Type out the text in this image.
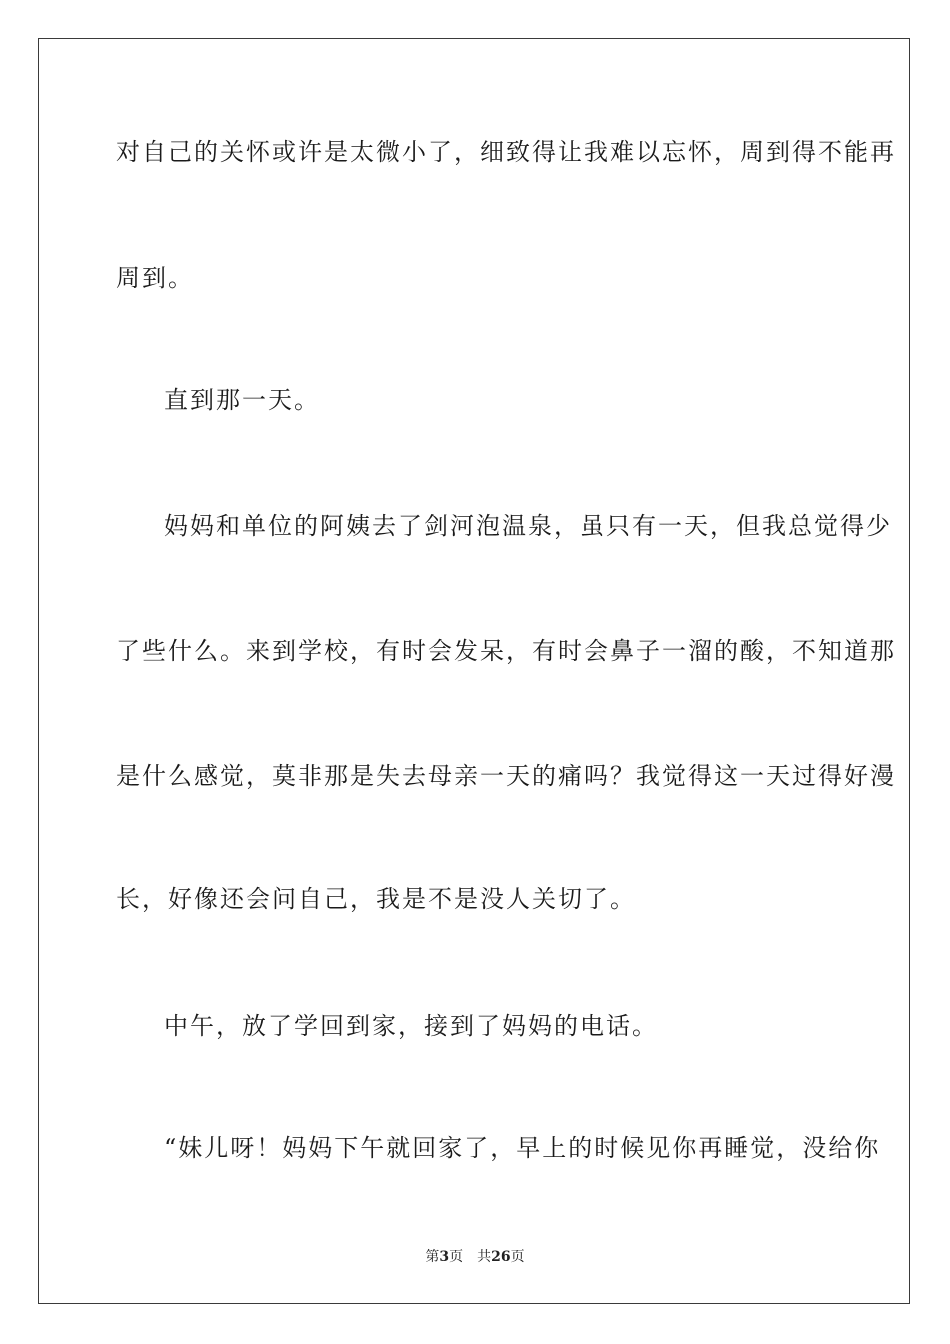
对自己的关怀或许是太微小了，细致得让我难以忘怀，周到得不能再
周到。
直到那一天。
妈妈和单位的阿姨去了剑河泡温泉，虽只有一天，但我总觉得少
了些什么。来到学校，有时会发呆，有时会鼻子一溜的酸，不知道那
是什么感觉，莫非那是失去母亲一天的痛吗？我觉得这一天过得好漫
长，好像还会问自己，我是不是没人关切了。
中午，放了学回到家，接到了妈妈的电话。
“妹儿呀！妈妈下午就回家了，早上的时候见你再睡觉，没给你
第3页 共26页
